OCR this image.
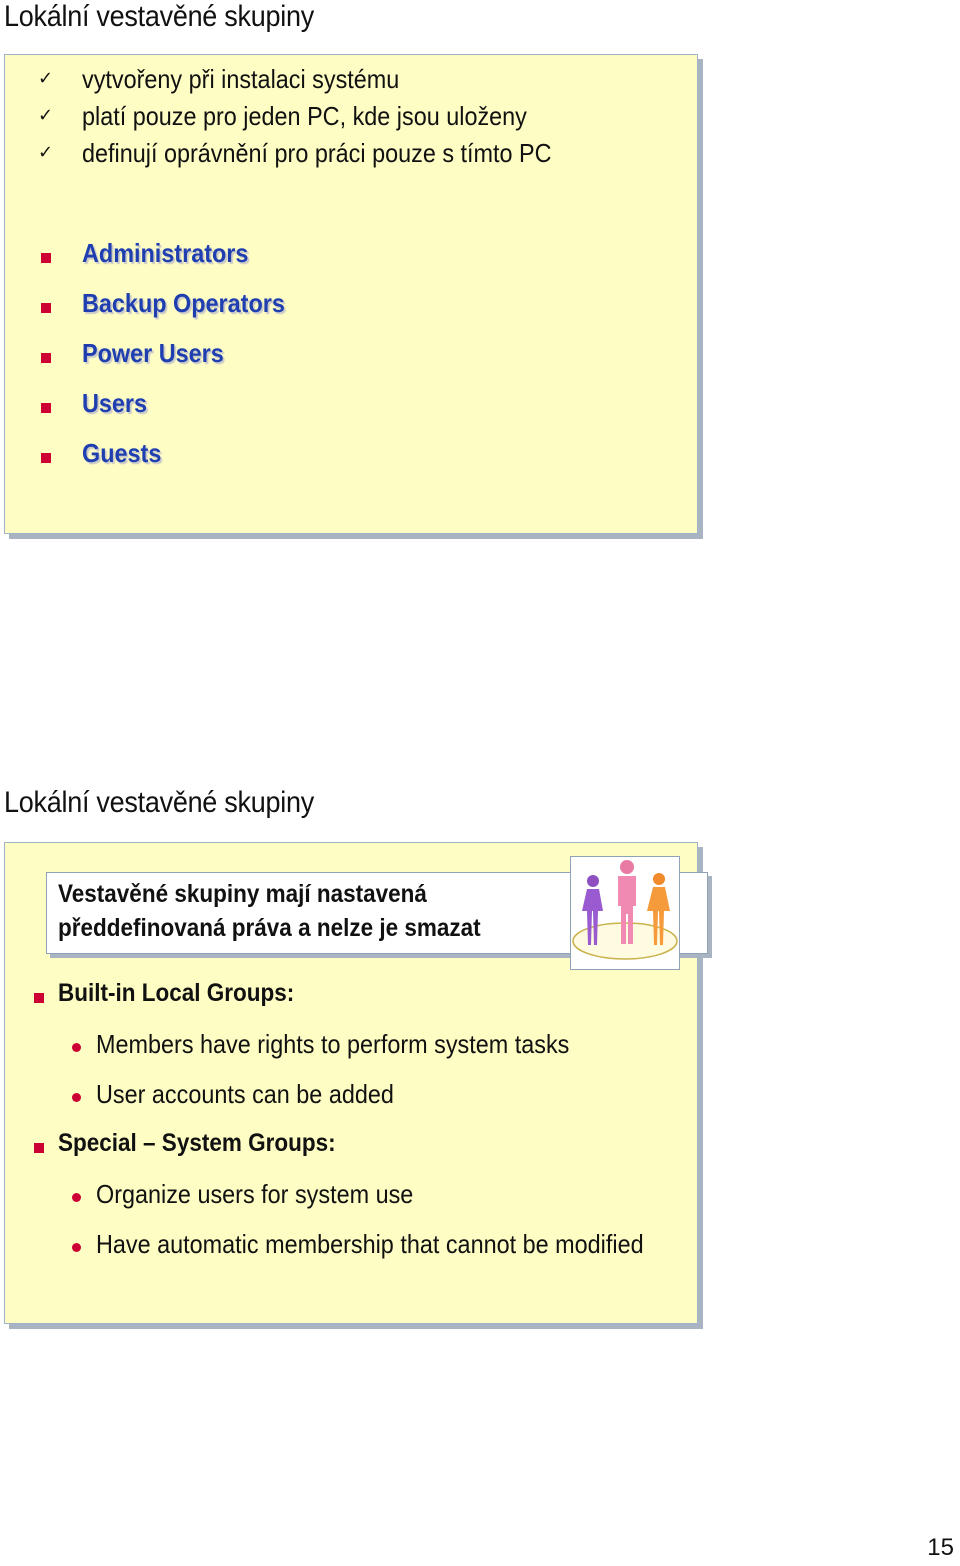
Lokální vestavěné skupiny
✓ vytvořeny při instalaci systému
✓ platí pouze pro jeden PC, kde jsou uloženy
✓ definují oprávnění pro práci pouze s tímto PC
Administrators
Backup Operators
Power Users
Users
Guests
Lokální vestavěné skupiny
Vestavěné skupiny mají nastavená
předdefinovaná práva a nelze je smazat
Built-in Local Groups:
Members have rights to perform system tasks
User accounts can be added
Special – System Groups:
Organize users for system use
Have automatic membership that cannot be modified
15
